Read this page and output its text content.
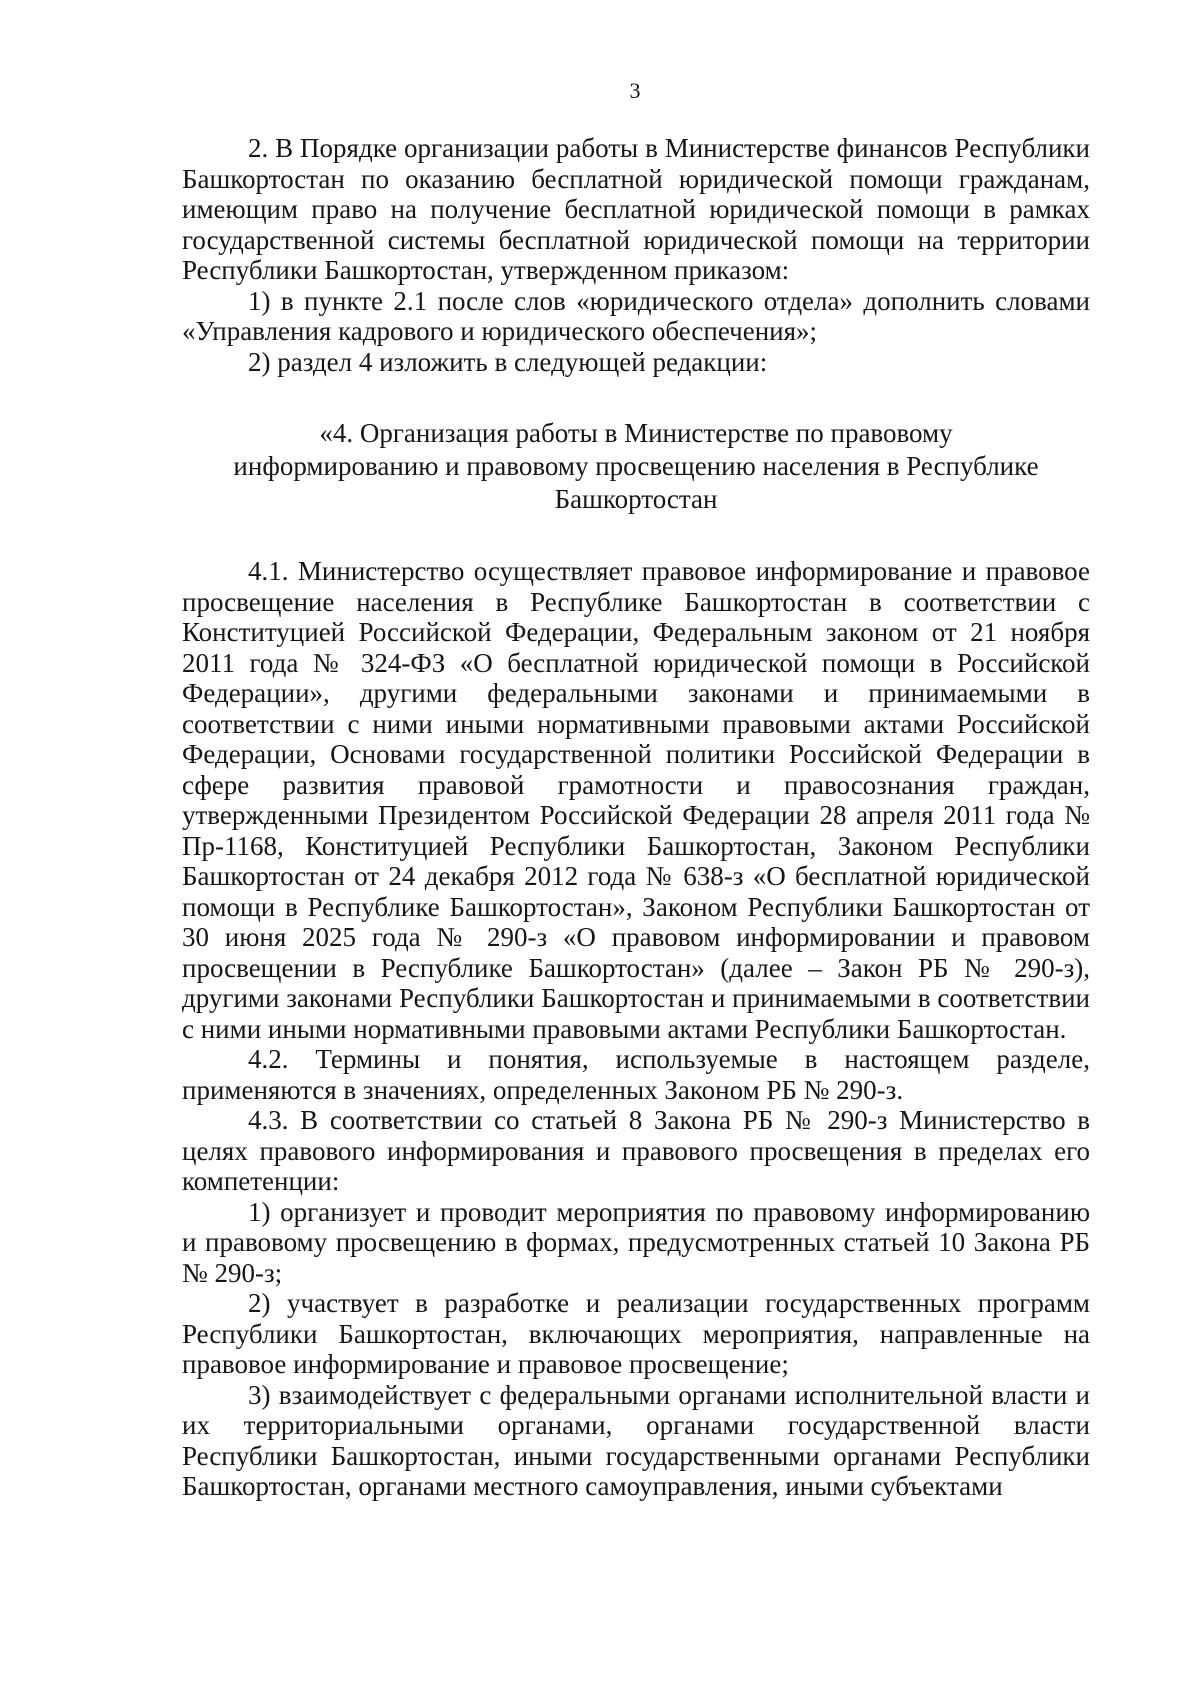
3

2. В Порядке организации работы в Министерстве финансов Республики Башкортостан по оказанию бесплатной юридической помощи гражданам, имеющим право на получение бесплатной юридической помощи в рамках государственной системы бесплатной юридической помощи на территории Республики Башкортостан, утвержденном приказом:

1) в пункте 2.1 после слов «юридического отдела» дополнить словами «Управления кадрового и юридического обеспечения»;

2) раздел 4 изложить в следующей редакции:

«4. Организация работы в Министерстве по правовому
информированию и правовому просвещению населения в Республике
Башкортостан

4.1. Министерство осуществляет правовое информирование и правовое просвещение населения в Республике Башкортостан в соответствии с Конституцией Российской Федерации, Федеральным законом от 21 ноября 2011 года № 324-ФЗ «О бесплатной юридической помощи в Российской Федерации», другими федеральными законами и принимаемыми в соответствии с ними иными нормативными правовыми актами Российской Федерации, Основами государственной политики Российской Федерации в сфере развития правовой грамотности и правосознания граждан, утвержденными Президентом Российской Федерации 28 апреля 2011 года № Пр-1168, Конституцией Республики Башкортостан, Законом Республики Башкортостан от 24 декабря 2012 года № 638-з «О бесплатной юридической помощи в Республике Башкортостан», Законом Республики Башкортостан от 30 июня 2025 года № 290-з «О правовом информировании и правовом просвещении в Республике Башкортостан» (далее – Закон РБ № 290-з), другими законами Республики Башкортостан и принимаемыми в соответствии с ними иными нормативными правовыми актами Республики Башкортостан.

4.2. Термины и понятия, используемые в настоящем разделе, применяются в значениях, определенных Законом РБ № 290-з.

4.3. В соответствии со статьей 8 Закона РБ № 290-з Министерство в целях правового информирования и правового просвещения в пределах его компетенции:

1) организует и проводит мероприятия по правовому информированию и правовому просвещению в формах, предусмотренных статьей 10 Закона РБ № 290-з;

2) участвует в разработке и реализации государственных программ Республики Башкортостан, включающих мероприятия, направленные на правовое информирование и правовое просвещение;

3) взаимодействует с федеральными органами исполнительной власти и их территориальными органами, органами государственной власти Республики Башкортостан, иными государственными органами Республики Башкортостан, органами местного самоуправления, иными субъектами
